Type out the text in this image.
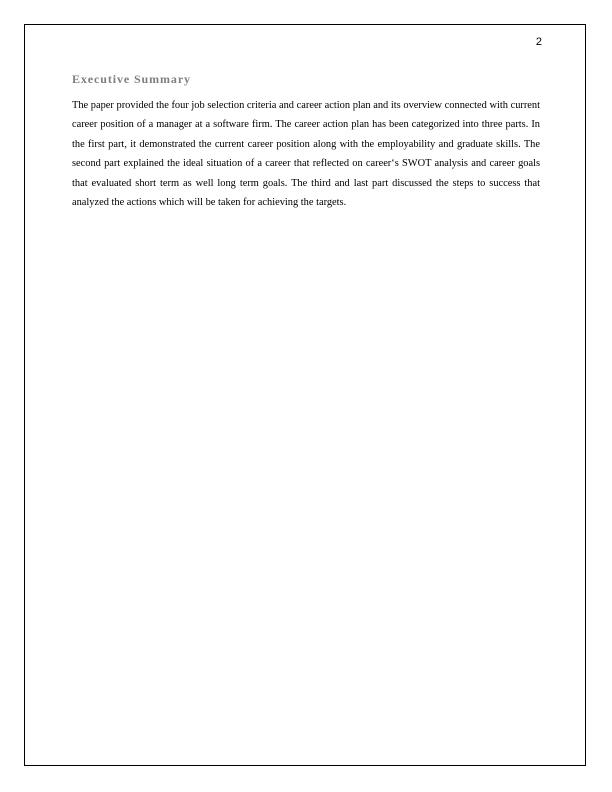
2
Executive Summary

The paper provided the four job selection criteria and career action plan and its overview connected with current career position of a manager at a software firm. The career action plan has been categorized into three parts. In the first part, it demonstrated the current career position along with the employability and graduate skills. The second part explained the ideal situation of a career that reflected on career‘s SWOT analysis and career goals that evaluated short term as well long term goals. The third and last part discussed the steps to success that analyzed the actions which will be taken for achieving the targets.
